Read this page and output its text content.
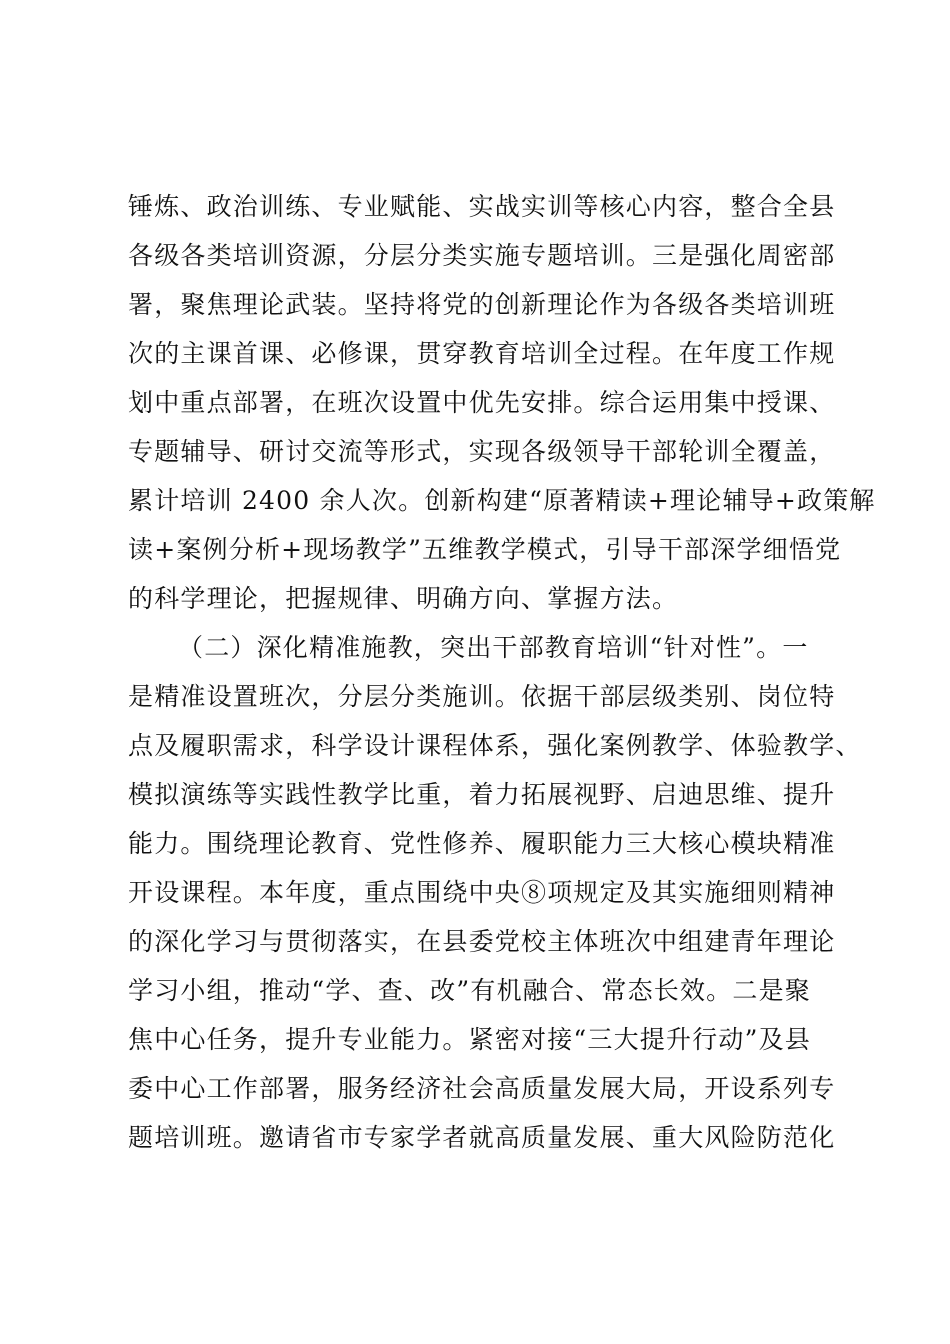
锤炼、政治训练、专业赋能、实战实训等核心内容，整合全县
各级各类培训资源，分层分类实施专题培训。三是强化周密部
署，聚焦理论武装。坚持将党的创新理论作为各级各类培训班
次的主课首课、必修课，贯穿教育培训全过程。在年度工作规
划中重点部署，在班次设置中优先安排。综合运用集中授课、
专题辅导、研讨交流等形式，实现各级领导干部轮训全覆盖，
累计培训 2400 余人次。创新构建“原著精读+理论辅导+政策解
读+案例分析+现场教学”五维教学模式，引导干部深学细悟党
的科学理论，把握规律、明确方向、掌握方法。
（二）深化精准施教，突出干部教育培训“针对性”。一
是精准设置班次，分层分类施训。依据干部层级类别、岗位特
点及履职需求，科学设计课程体系，强化案例教学、体验教学、
模拟演练等实践性教学比重，着力拓展视野、启迪思维、提升
能力。围绕理论教育、党性修养、履职能力三大核心模块精准
开设课程。本年度，重点围绕中央⑧项规定及其实施细则精神
的深化学习与贯彻落实，在县委党校主体班次中组建青年理论
学习小组，推动“学、查、改”有机融合、常态长效。二是聚
焦中心任务，提升专业能力。紧密对接“三大提升行动”及县
委中心工作部署，服务经济社会高质量发展大局，开设系列专
题培训班。邀请省市专家学者就高质量发展、重大风险防范化
